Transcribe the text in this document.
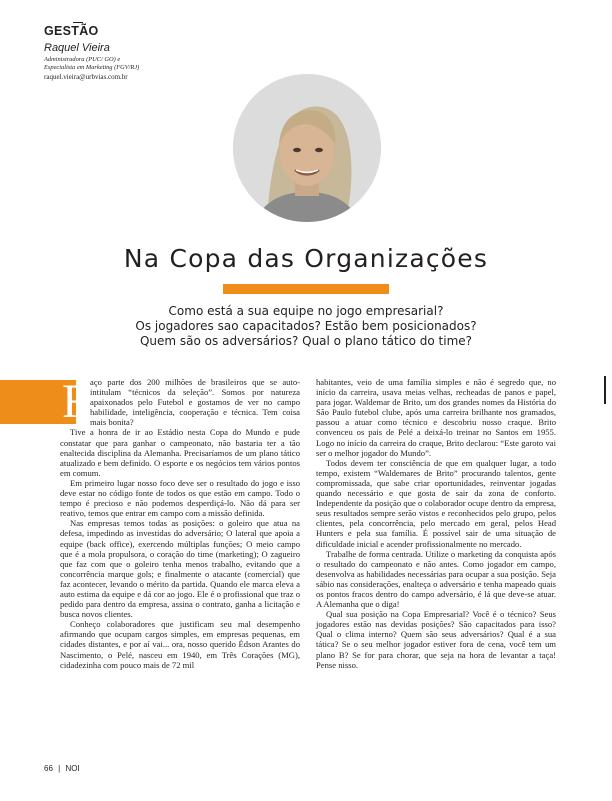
GESTÃO
Raquel Vieira
Administradora (PUC/ GO) e
Especialista em Marketing (FGV/RJ)
raquel.vieira@urbvias.com.br
Na Copa das Organizações
Como está a sua equipe no jogo empresarial?
Os jogadores sao capacitados? Estão bem posicionados?
Quem são os adversários? Qual o plano tático do time?
F aço parte dos 200 milhões de brasileiros que se auto-intitulam “técnicos da seleção”. Somos por natureza apaixonados pelo Futebol e gostamos de ver no campo habilidade, inteligência, cooperação e técnica. Tem coisa mais bonita?

Tive a honra de ir ao Estádio nesta Copa do Mundo e pude constatar que para ganhar o campeonato, não bastaria ter a tão enaltecida disciplina da Alemanha. Precisaríamos de um plano tático atualizado e bem definido. O esporte e os negócios tem vários pontos em comum.

Em primeiro lugar nosso foco deve ser o resultado do jogo e isso deve estar no código fonte de todos os que estão em campo. Todo o tempo é precioso e não podemos desperdiçá-lo. Não dá para ser reativo, temos que entrar em campo com a missão definida.

Nas empresas temos todas as posições: o goleiro que atua na defesa, impedindo as investidas do adversário; O lateral que apoia a equipe (back office), exercendo múltiplas funções; O meio campo que é a mola propulsora, o coração do time (marketing); O zagueiro que faz com que o goleiro tenha menos trabalho, evitando que a concorrência marque gols; e finalmente o atacante (comercial) que faz acontecer, levando o mérito da partida. Quando ele marca eleva a auto estima da equipe e dá cor ao jogo. Ele é o profissional que traz o pedido para dentro da empresa, assina o contrato, ganha a licitação e busca novos clientes.

Conheço colaboradores que justificam seu mal desempenho afirmando que ocupam cargos simples, em empresas pequenas, em cidades distantes, e por aí vai... ora, nosso querido Édson Arantes do Nascimento, o Pelé, nasceu em 1940, em Três Corações (MG), cidadezinha com pouco mais de 72 mil

habitantes, veio de uma família simples e não é segredo que, no início da carreira, usava meias velhas, recheadas de panos e papel, para jogar. Waldemar de Brito, um dos grandes nomes da História do São Paulo futebol clube, após uma carreira brilhante nos gramados, passou a atuar como técnico e descobriu nosso craque. Brito convenceu os pais de Pelé a deixá-lo treinar no Santos em 1955. Logo no início da carreira do craque, Brito declarou: “Este garoto vai ser o melhor jogador do Mundo”.

Todos devem ter consciência de que em qualquer lugar, a todo tempo, existem “Waldemares de Brito” procurando talentos, gente compromissada, que sabe criar oportunidades, reinventar jogadas quando necessário e que gosta de sair da zona de conforto. Independente da posição que o colaborador ocupe dentro da empresa, seus resultados sempre serão vistos e reconhecidos pelo grupo, pelos clientes, pela concorrência, pelo mercado em geral, pelos Head Hunters e pela sua família. É possível sair de uma situação de dificuldade inicial e acender profissionalmente no mercado.

Trabalhe de forma centrada. Utilize o marketing da conquista após o resultado do campeonato e não antes. Como jogador em campo, desenvolva as habilidades necessárias para ocupar a sua posição. Seja sábio nas considerações, enalteça o adversário e tenha mapeado quais os pontos fracos dentro do campo adversário, é lá que deve-se atuar. A Alemanha que o diga!

Qual sua posição na Copa Empresarial? Você é o técnico? Seus jogadores estão nas devidas posições? São capacitados para isso? Qual o clima interno? Quem são seus adversários? Qual é a sua tática? Se o seu melhor jogador estiver fora de cena, você tem um plano B? Se for para chorar, que seja na hora de levantar a taça! Pense nisso.

66 | NOI
